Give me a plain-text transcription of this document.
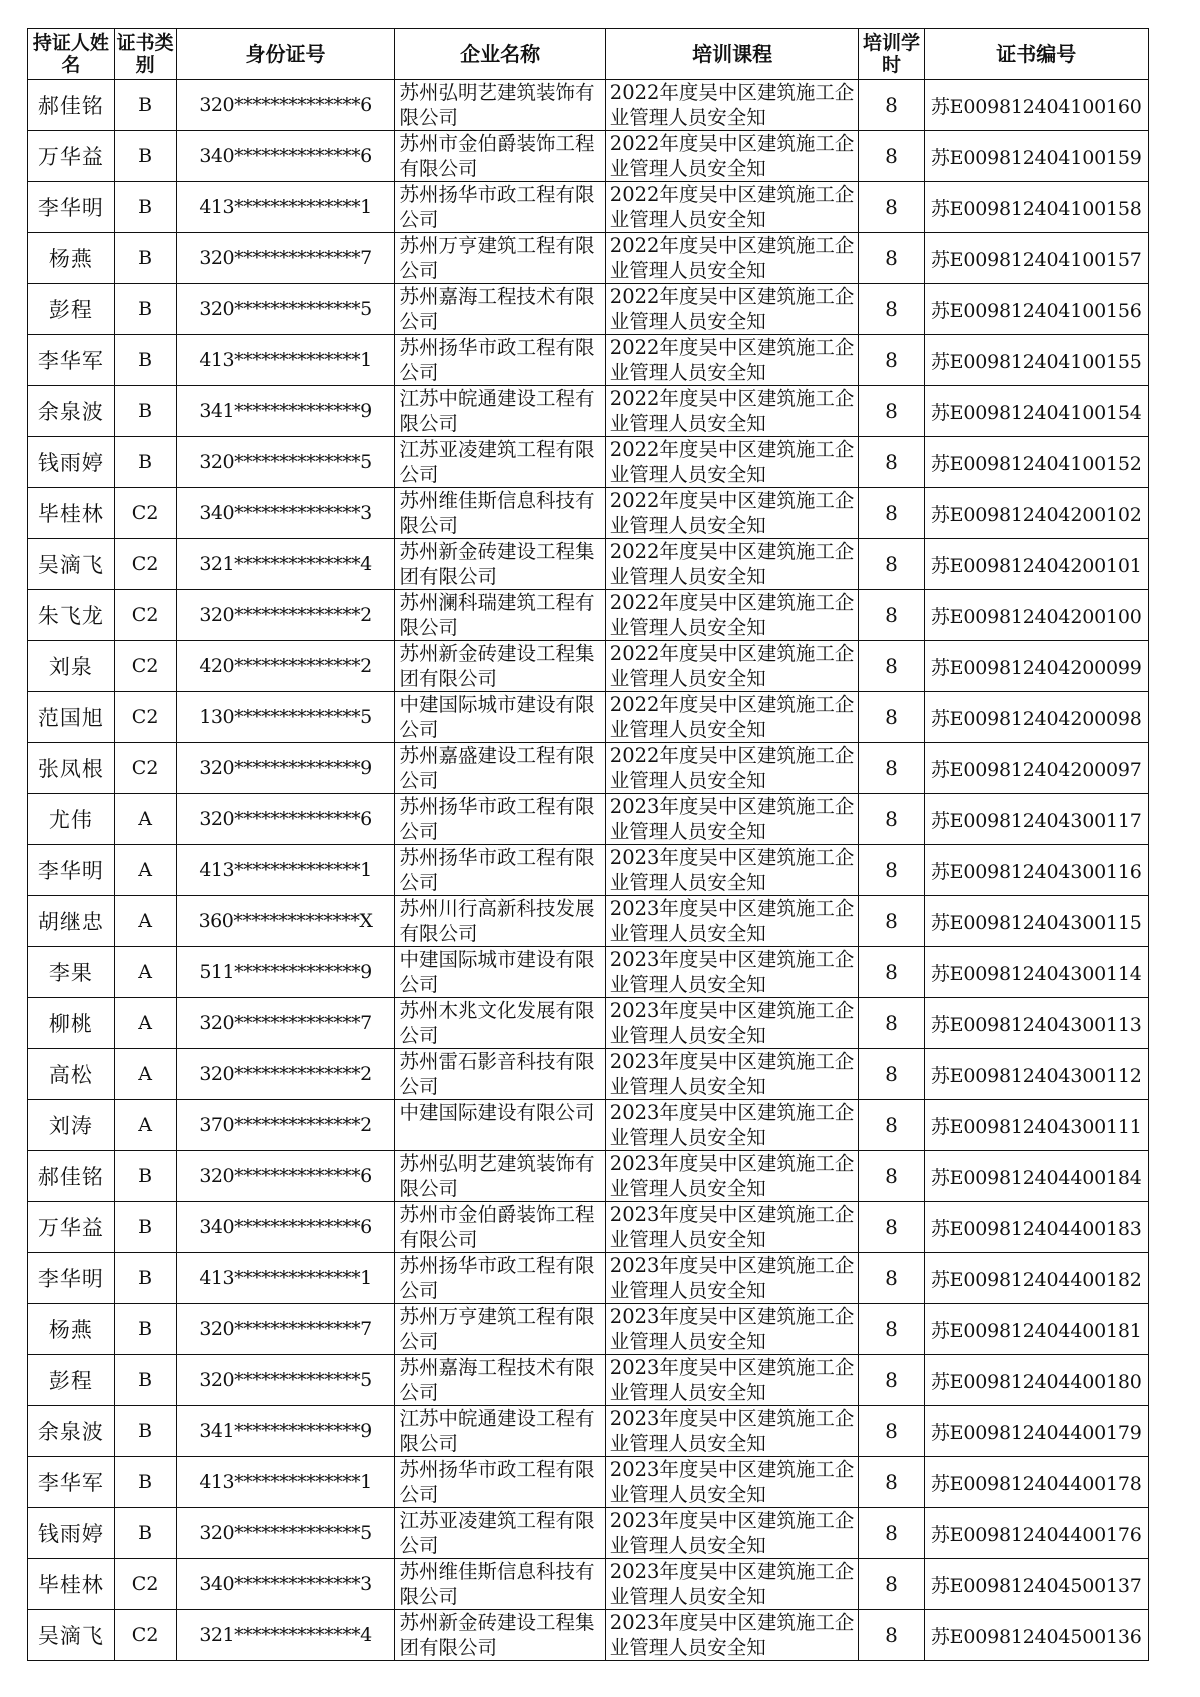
持证人姓名	证书类别	身份证号	企业名称	培训课程	培训学时	证书编号
郝佳铭	B	320**************6	苏州弘明艺建筑装饰有限公司	2022年度吴中区建筑施工企业管理人员安全知	8	苏E009812404100160
万华益	B	340**************6	苏州市金伯爵装饰工程有限公司	2022年度吴中区建筑施工企业管理人员安全知	8	苏E009812404100159
李华明	B	413**************1	苏州扬华市政工程有限公司	2022年度吴中区建筑施工企业管理人员安全知	8	苏E009812404100158
杨燕	B	320**************7	苏州万亨建筑工程有限公司	2022年度吴中区建筑施工企业管理人员安全知	8	苏E009812404100157
彭程	B	320**************5	苏州嘉海工程技术有限公司	2022年度吴中区建筑施工企业管理人员安全知	8	苏E009812404100156
李华军	B	413**************1	苏州扬华市政工程有限公司	2022年度吴中区建筑施工企业管理人员安全知	8	苏E009812404100155
余泉波	B	341**************9	江苏中皖通建设工程有限公司	2022年度吴中区建筑施工企业管理人员安全知	8	苏E009812404100154
钱雨婷	B	320**************5	江苏亚凌建筑工程有限公司	2022年度吴中区建筑施工企业管理人员安全知	8	苏E009812404100152
毕桂林	C2	340**************3	苏州维佳斯信息科技有限公司	2022年度吴中区建筑施工企业管理人员安全知	8	苏E009812404200102
吴滴飞	C2	321**************4	苏州新金砖建设工程集团有限公司	2022年度吴中区建筑施工企业管理人员安全知	8	苏E009812404200101
朱飞龙	C2	320**************2	苏州澜科瑞建筑工程有限公司	2022年度吴中区建筑施工企业管理人员安全知	8	苏E009812404200100
刘泉	C2	420**************2	苏州新金砖建设工程集团有限公司	2022年度吴中区建筑施工企业管理人员安全知	8	苏E009812404200099
范国旭	C2	130**************5	中建国际城市建设有限公司	2022年度吴中区建筑施工企业管理人员安全知	8	苏E009812404200098
张凤根	C2	320**************9	苏州嘉盛建设工程有限公司	2022年度吴中区建筑施工企业管理人员安全知	8	苏E009812404200097
尤伟	A	320**************6	苏州扬华市政工程有限公司	2023年度吴中区建筑施工企业管理人员安全知	8	苏E009812404300117
李华明	A	413**************1	苏州扬华市政工程有限公司	2023年度吴中区建筑施工企业管理人员安全知	8	苏E009812404300116
胡继忠	A	360**************X	苏州川行高新科技发展有限公司	2023年度吴中区建筑施工企业管理人员安全知	8	苏E009812404300115
李果	A	511**************9	中建国际城市建设有限公司	2023年度吴中区建筑施工企业管理人员安全知	8	苏E009812404300114
柳桃	A	320**************7	苏州木兆文化发展有限公司	2023年度吴中区建筑施工企业管理人员安全知	8	苏E009812404300113
高松	A	320**************2	苏州雷石影音科技有限公司	2023年度吴中区建筑施工企业管理人员安全知	8	苏E009812404300112
刘涛	A	370**************2	中建国际建设有限公司	2023年度吴中区建筑施工企业管理人员安全知	8	苏E009812404300111
郝佳铭	B	320**************6	苏州弘明艺建筑装饰有限公司	2023年度吴中区建筑施工企业管理人员安全知	8	苏E009812404400184
万华益	B	340**************6	苏州市金伯爵装饰工程有限公司	2023年度吴中区建筑施工企业管理人员安全知	8	苏E009812404400183
李华明	B	413**************1	苏州扬华市政工程有限公司	2023年度吴中区建筑施工企业管理人员安全知	8	苏E009812404400182
杨燕	B	320**************7	苏州万亨建筑工程有限公司	2023年度吴中区建筑施工企业管理人员安全知	8	苏E009812404400181
彭程	B	320**************5	苏州嘉海工程技术有限公司	2023年度吴中区建筑施工企业管理人员安全知	8	苏E009812404400180
余泉波	B	341**************9	江苏中皖通建设工程有限公司	2023年度吴中区建筑施工企业管理人员安全知	8	苏E009812404400179
李华军	B	413**************1	苏州扬华市政工程有限公司	2023年度吴中区建筑施工企业管理人员安全知	8	苏E009812404400178
钱雨婷	B	320**************5	江苏亚凌建筑工程有限公司	2023年度吴中区建筑施工企业管理人员安全知	8	苏E009812404400176
毕桂林	C2	340**************3	苏州维佳斯信息科技有限公司	2023年度吴中区建筑施工企业管理人员安全知	8	苏E009812404500137
吴滴飞	C2	321**************4	苏州新金砖建设工程集团有限公司	2023年度吴中区建筑施工企业管理人员安全知	8	苏E009812404500136
